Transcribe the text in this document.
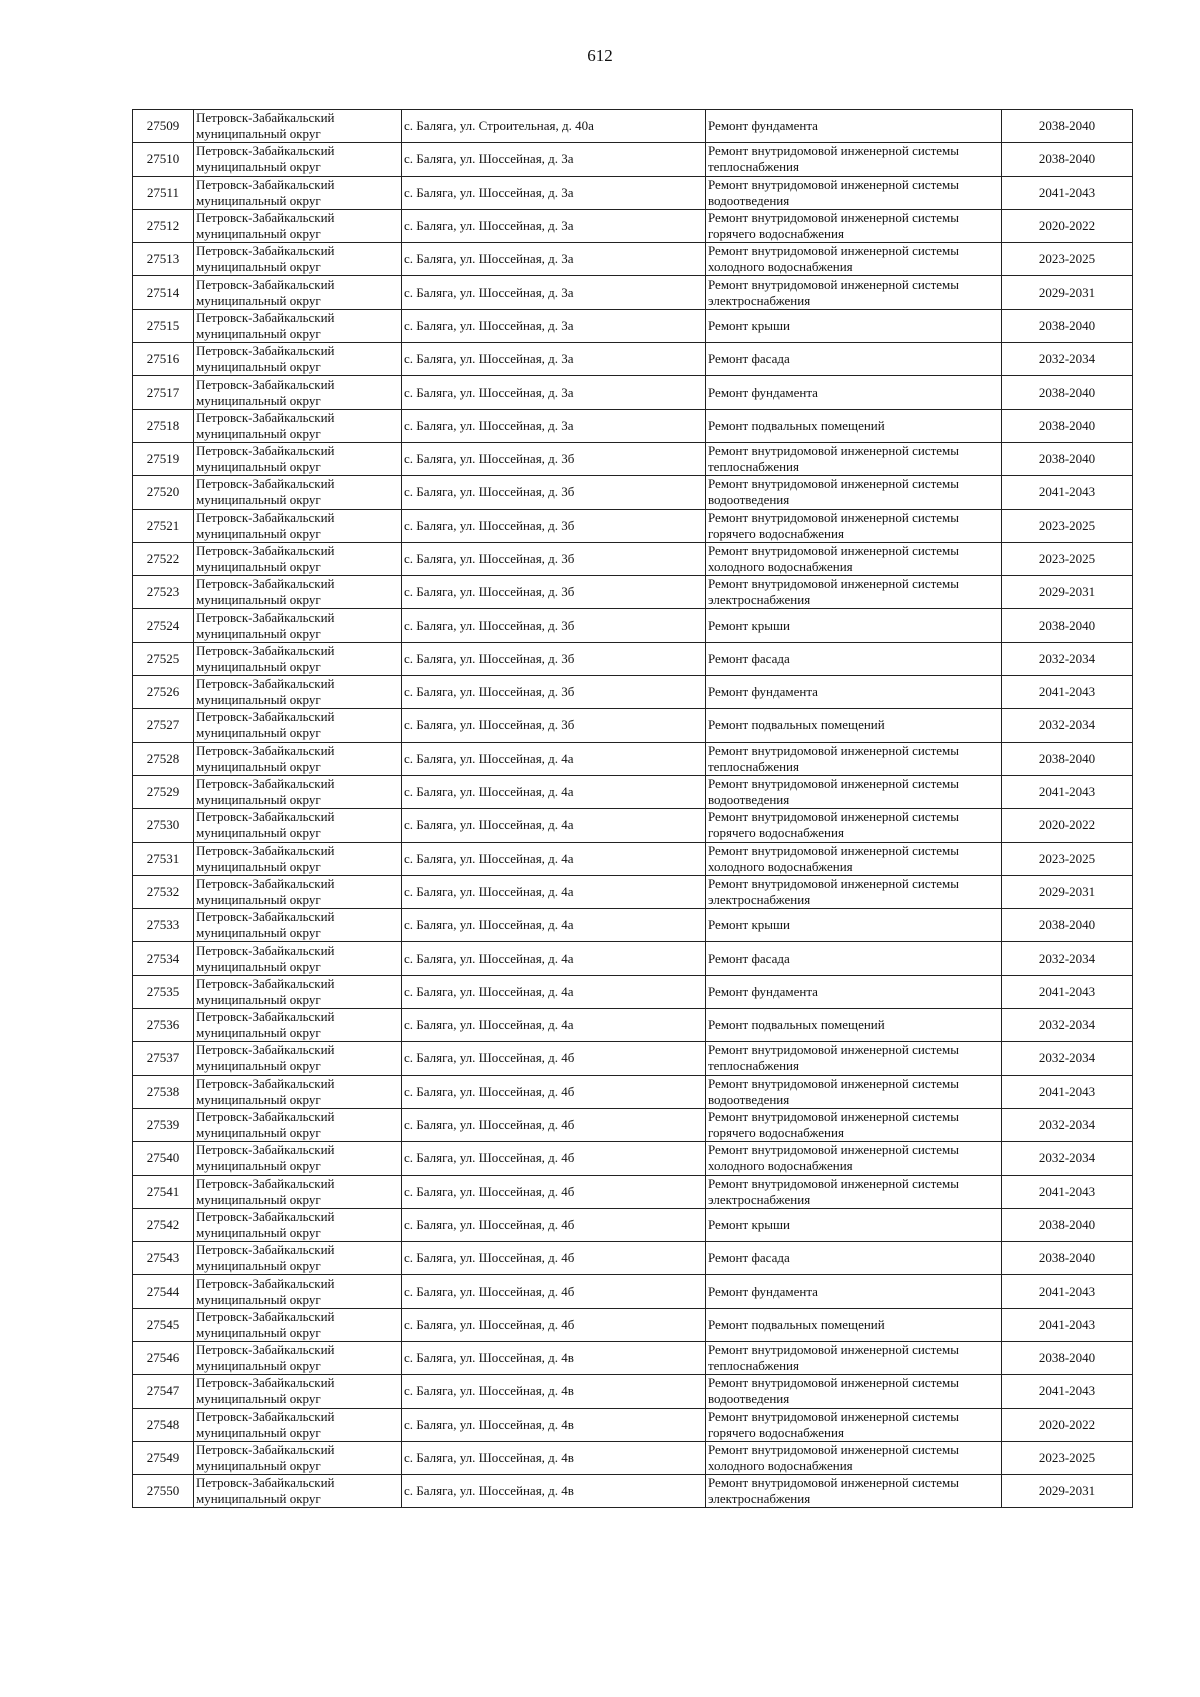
612
27509	Петровск-Забайкальский муниципальный округ	с. Баляга, ул. Строительная, д. 40а	Ремонт фундамента	2038-2040
27510	Петровск-Забайкальский муниципальный округ	с. Баляга, ул. Шоссейная, д. 3а	Ремонт внутридомовой инженерной системы теплоснабжения	2038-2040
27511	Петровск-Забайкальский муниципальный округ	с. Баляга, ул. Шоссейная, д. 3а	Ремонт внутридомовой инженерной системы водоотведения	2041-2043
27512	Петровск-Забайкальский муниципальный округ	с. Баляга, ул. Шоссейная, д. 3а	Ремонт внутридомовой инженерной системы горячего водоснабжения	2020-2022
27513	Петровск-Забайкальский муниципальный округ	с. Баляга, ул. Шоссейная, д. 3а	Ремонт внутридомовой инженерной системы холодного водоснабжения	2023-2025
27514	Петровск-Забайкальский муниципальный округ	с. Баляга, ул. Шоссейная, д. 3а	Ремонт внутридомовой инженерной системы электроснабжения	2029-2031
27515	Петровск-Забайкальский муниципальный округ	с. Баляга, ул. Шоссейная, д. 3а	Ремонт крыши	2038-2040
27516	Петровск-Забайкальский муниципальный округ	с. Баляга, ул. Шоссейная, д. 3а	Ремонт фасада	2032-2034
27517	Петровск-Забайкальский муниципальный округ	с. Баляга, ул. Шоссейная, д. 3а	Ремонт фундамента	2038-2040
27518	Петровск-Забайкальский муниципальный округ	с. Баляга, ул. Шоссейная, д. 3а	Ремонт подвальных помещений	2038-2040
27519	Петровск-Забайкальский муниципальный округ	с. Баляга, ул. Шоссейная, д. 3б	Ремонт внутридомовой инженерной системы теплоснабжения	2038-2040
27520	Петровск-Забайкальский муниципальный округ	с. Баляга, ул. Шоссейная, д. 3б	Ремонт внутридомовой инженерной системы водоотведения	2041-2043
27521	Петровск-Забайкальский муниципальный округ	с. Баляга, ул. Шоссейная, д. 3б	Ремонт внутридомовой инженерной системы горячего водоснабжения	2023-2025
27522	Петровск-Забайкальский муниципальный округ	с. Баляга, ул. Шоссейная, д. 3б	Ремонт внутридомовой инженерной системы холодного водоснабжения	2023-2025
27523	Петровск-Забайкальский муниципальный округ	с. Баляга, ул. Шоссейная, д. 3б	Ремонт внутридомовой инженерной системы электроснабжения	2029-2031
27524	Петровск-Забайкальский муниципальный округ	с. Баляга, ул. Шоссейная, д. 3б	Ремонт крыши	2038-2040
27525	Петровск-Забайкальский муниципальный округ	с. Баляга, ул. Шоссейная, д. 3б	Ремонт фасада	2032-2034
27526	Петровск-Забайкальский муниципальный округ	с. Баляга, ул. Шоссейная, д. 3б	Ремонт фундамента	2041-2043
27527	Петровск-Забайкальский муниципальный округ	с. Баляга, ул. Шоссейная, д. 3б	Ремонт подвальных помещений	2032-2034
27528	Петровск-Забайкальский муниципальный округ	с. Баляга, ул. Шоссейная, д. 4а	Ремонт внутридомовой инженерной системы теплоснабжения	2038-2040
27529	Петровск-Забайкальский муниципальный округ	с. Баляга, ул. Шоссейная, д. 4а	Ремонт внутридомовой инженерной системы водоотведения	2041-2043
27530	Петровск-Забайкальский муниципальный округ	с. Баляга, ул. Шоссейная, д. 4а	Ремонт внутридомовой инженерной системы горячего водоснабжения	2020-2022
27531	Петровск-Забайкальский муниципальный округ	с. Баляга, ул. Шоссейная, д. 4а	Ремонт внутридомовой инженерной системы холодного водоснабжения	2023-2025
27532	Петровск-Забайкальский муниципальный округ	с. Баляга, ул. Шоссейная, д. 4а	Ремонт внутридомовой инженерной системы электроснабжения	2029-2031
27533	Петровск-Забайкальский муниципальный округ	с. Баляга, ул. Шоссейная, д. 4а	Ремонт крыши	2038-2040
27534	Петровск-Забайкальский муниципальный округ	с. Баляга, ул. Шоссейная, д. 4а	Ремонт фасада	2032-2034
27535	Петровск-Забайкальский муниципальный округ	с. Баляга, ул. Шоссейная, д. 4а	Ремонт фундамента	2041-2043
27536	Петровск-Забайкальский муниципальный округ	с. Баляга, ул. Шоссейная, д. 4а	Ремонт подвальных помещений	2032-2034
27537	Петровск-Забайкальский муниципальный округ	с. Баляга, ул. Шоссейная, д. 4б	Ремонт внутридомовой инженерной системы теплоснабжения	2032-2034
27538	Петровск-Забайкальский муниципальный округ	с. Баляга, ул. Шоссейная, д. 4б	Ремонт внутридомовой инженерной системы водоотведения	2041-2043
27539	Петровск-Забайкальский муниципальный округ	с. Баляга, ул. Шоссейная, д. 4б	Ремонт внутридомовой инженерной системы горячего водоснабжения	2032-2034
27540	Петровск-Забайкальский муниципальный округ	с. Баляга, ул. Шоссейная, д. 4б	Ремонт внутридомовой инженерной системы холодного водоснабжения	2032-2034
27541	Петровск-Забайкальский муниципальный округ	с. Баляга, ул. Шоссейная, д. 4б	Ремонт внутридомовой инженерной системы электроснабжения	2041-2043
27542	Петровск-Забайкальский муниципальный округ	с. Баляга, ул. Шоссейная, д. 4б	Ремонт крыши	2038-2040
27543	Петровск-Забайкальский муниципальный округ	с. Баляга, ул. Шоссейная, д. 4б	Ремонт фасада	2038-2040
27544	Петровск-Забайкальский муниципальный округ	с. Баляга, ул. Шоссейная, д. 4б	Ремонт фундамента	2041-2043
27545	Петровск-Забайкальский муниципальный округ	с. Баляга, ул. Шоссейная, д. 4б	Ремонт подвальных помещений	2041-2043
27546	Петровск-Забайкальский муниципальный округ	с. Баляга, ул. Шоссейная, д. 4в	Ремонт внутридомовой инженерной системы теплоснабжения	2038-2040
27547	Петровск-Забайкальский муниципальный округ	с. Баляга, ул. Шоссейная, д. 4в	Ремонт внутридомовой инженерной системы водоотведения	2041-2043
27548	Петровск-Забайкальский муниципальный округ	с. Баляга, ул. Шоссейная, д. 4в	Ремонт внутридомовой инженерной системы горячего водоснабжения	2020-2022
27549	Петровск-Забайкальский муниципальный округ	с. Баляга, ул. Шоссейная, д. 4в	Ремонт внутридомовой инженерной системы холодного водоснабжения	2023-2025
27550	Петровск-Забайкальский муниципальный округ	с. Баляга, ул. Шоссейная, д. 4в	Ремонт внутридомовой инженерной системы электроснабжения	2029-2031
